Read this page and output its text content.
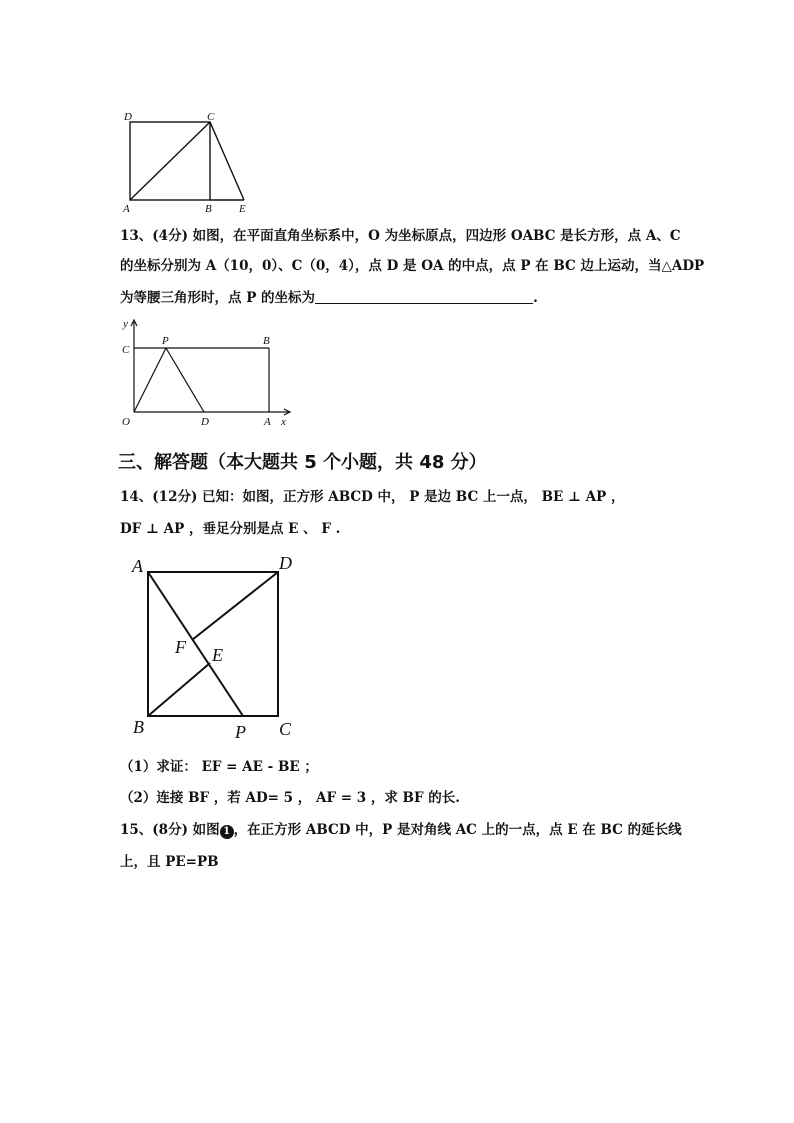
D	C
A	B E
13、(4分) 如图，在平面直角坐标系中，O 为坐标原点，四边形 OABC 是长方形，点 A、C
的坐标分别为 A（10，0）、C（0，4），点 D 是 OA 的中点，点 P 在 BC 边上运动，当△ADP
为等腰三角形时，点 P 的坐标为	.
y
C
P	B
O	D	A x
三、解答题（本大题共 5 个小题，共 48 分）
14、(12分) 已知：如图，正方形 ABCD 中， P 是边 BC 上一点， BE ⊥ AP ，
DF ⊥ AP ，垂足分别是点 E 、 F .
A	D
F E
B	P C
（1）求证： EF = AE - BE ；
（2）连接 BF ，若 AD= 5 ， AF = 3 ，求 BF 的长.
15、(8分) 如图 1 ，在正方形 ABCD 中，P 是对角线 AC 上的一点，点 E 在 BC 的延长线
上，且 PE=PB
